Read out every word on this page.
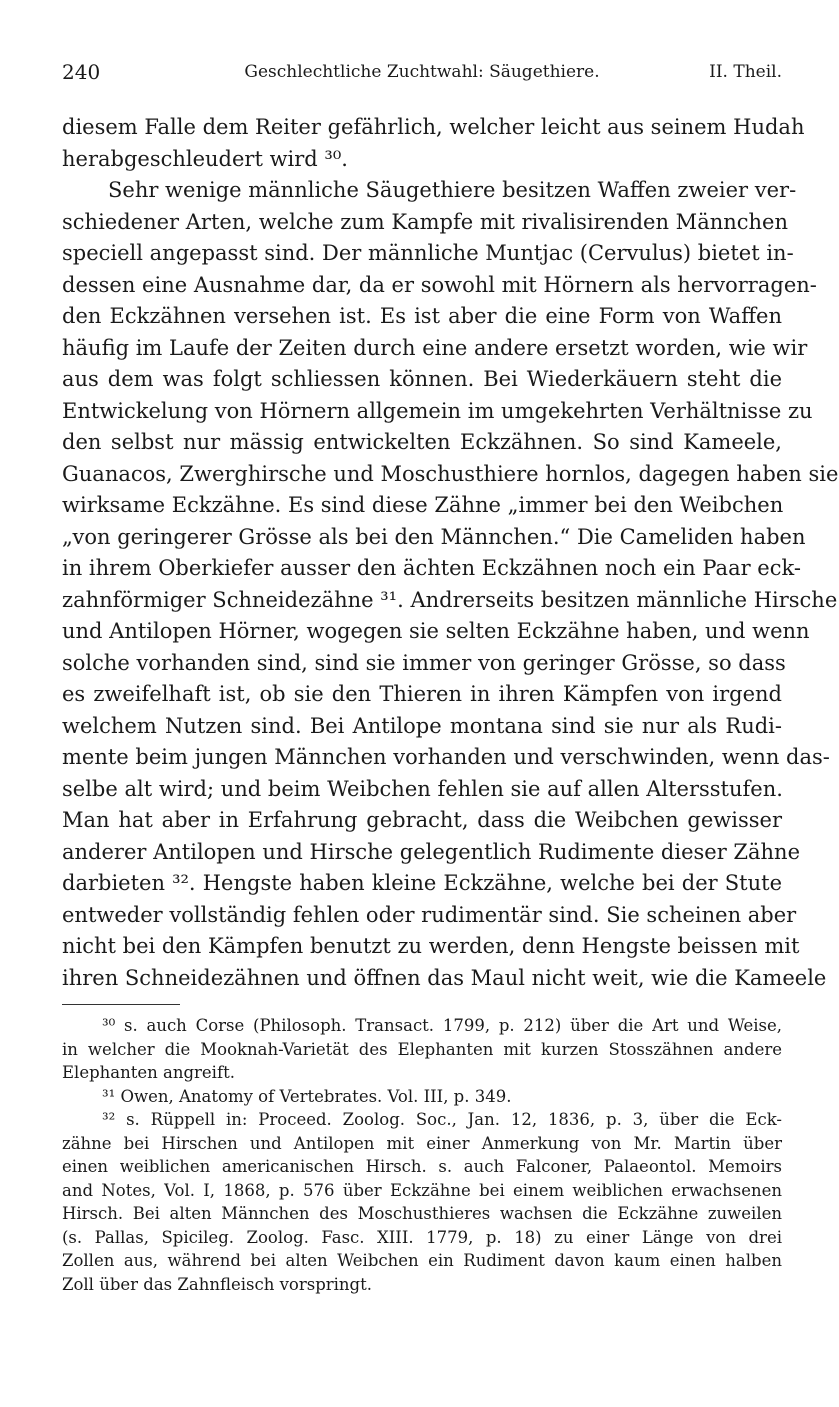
240	Geschlechtliche Zuchtwahl: Säugethiere.	II. Theil.
diesem Falle dem Reiter gefährlich, welcher leicht aus seinem Hudah
herabgeschleudert wird ³⁰.
Sehr wenige männliche Säugethiere besitzen Waffen zweier ver-
schiedener Arten, welche zum Kampfe mit rivalisirenden Männchen
speciell angepasst sind. Der männliche Muntjac (Cervulus) bietet in-
dessen eine Ausnahme dar, da er sowohl mit Hörnern als hervorragen-
den Eckzähnen versehen ist. Es ist aber die eine Form von Waffen
häufig im Laufe der Zeiten durch eine andere ersetzt worden, wie wir
aus dem was folgt schliessen können. Bei Wiederkäuern steht die
Entwickelung von Hörnern allgemein im umgekehrten Verhältnisse zu
den selbst nur mässig entwickelten Eckzähnen. So sind Kameele,
Guanacos, Zwerghirsche und Moschusthiere hornlos, dagegen haben sie
wirksame Eckzähne. Es sind diese Zähne „immer bei den Weibchen
„von geringerer Grösse als bei den Männchen.“ Die Cameliden haben
in ihrem Oberkiefer ausser den ächten Eckzähnen noch ein Paar eck-
zahnförmiger Schneidezähne ³¹. Andrerseits besitzen männliche Hirsche
und Antilopen Hörner, wogegen sie selten Eckzähne haben, und wenn
solche vorhanden sind, sind sie immer von geringer Grösse, so dass
es zweifelhaft ist, ob sie den Thieren in ihren Kämpfen von irgend
welchem Nutzen sind. Bei Antilope montana sind sie nur als Rudi-
mente beim jungen Männchen vorhanden und verschwinden, wenn das-
selbe alt wird; und beim Weibchen fehlen sie auf allen Altersstufen.
Man hat aber in Erfahrung gebracht, dass die Weibchen gewisser
anderer Antilopen und Hirsche gelegentlich Rudimente dieser Zähne
darbieten ³². Hengste haben kleine Eckzähne, welche bei der Stute
entweder vollständig fehlen oder rudimentär sind. Sie scheinen aber
nicht bei den Kämpfen benutzt zu werden, denn Hengste beissen mit
ihren Schneidezähnen und öffnen das Maul nicht weit, wie die Kameele
³⁰ s. auch Corse (Philosoph. Transact. 1799, p. 212) über die Art und Weise,
in welcher die Mooknah-Varietät des Elephanten mit kurzen Stosszähnen andere
Elephanten angreift.
³¹ Owen, Anatomy of Vertebrates. Vol. III, p. 349.
³² s. Rüppell in: Proceed. Zoolog. Soc., Jan. 12, 1836, p. 3, über die Eck-
zähne bei Hirschen und Antilopen mit einer Anmerkung von Mr. Martin über
einen weiblichen americanischen Hirsch. s. auch Falconer, Palaeontol. Memoirs
and Notes, Vol. I, 1868, p. 576 über Eckzähne bei einem weiblichen erwachsenen
Hirsch. Bei alten Männchen des Moschusthieres wachsen die Eckzähne zuweilen
(s. Pallas, Spicileg. Zoolog. Fasc. XIII. 1779, p. 18) zu einer Länge von drei
Zollen aus, während bei alten Weibchen ein Rudiment davon kaum einen halben
Zoll über das Zahnfleisch vorspringt.
